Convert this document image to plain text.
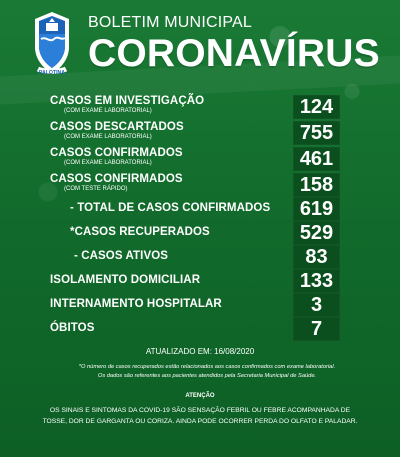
PALOTINA
BOLETIM MUNICIPAL
CORONAVÍRUS
CASOS EM INVESTIGAÇÃO
(COM EXAME LABORATORIAL)	124
CASOS DESCARTADOS
(COM EXAME LABORATORIAL)	755
CASOS CONFIRMADOS
(COM EXAME LABORATORIAL)	461
CASOS CONFIRMADOS
(COM TESTE RÁPIDO)	158
- TOTAL DE CASOS CONFIRMADOS	619
*CASOS RECUPERADOS	529
- CASOS ATIVOS	83
ISOLAMENTO DOMICILIAR	133
INTERNAMENTO HOSPITALAR	3
ÓBITOS	7
ATUALIZADO EM: 16/08/2020
*O número de casos recuperados estão relacionados aos casos confirmados com exame laboratorial.
Os dados são referentes aos pacientes atendidos pela Secretaria Municipal de Saúde.
ATENÇÃO
OS SINAIS E SINTOMAS DA COVID-19 SÃO SENSAÇÃO FEBRIL OU FEBRE ACOMPANHADA DE
TOSSE, DOR DE GARGANTA OU CORIZA. AINDA PODE OCORRER PERDA DO OLFATO E PALADAR.
